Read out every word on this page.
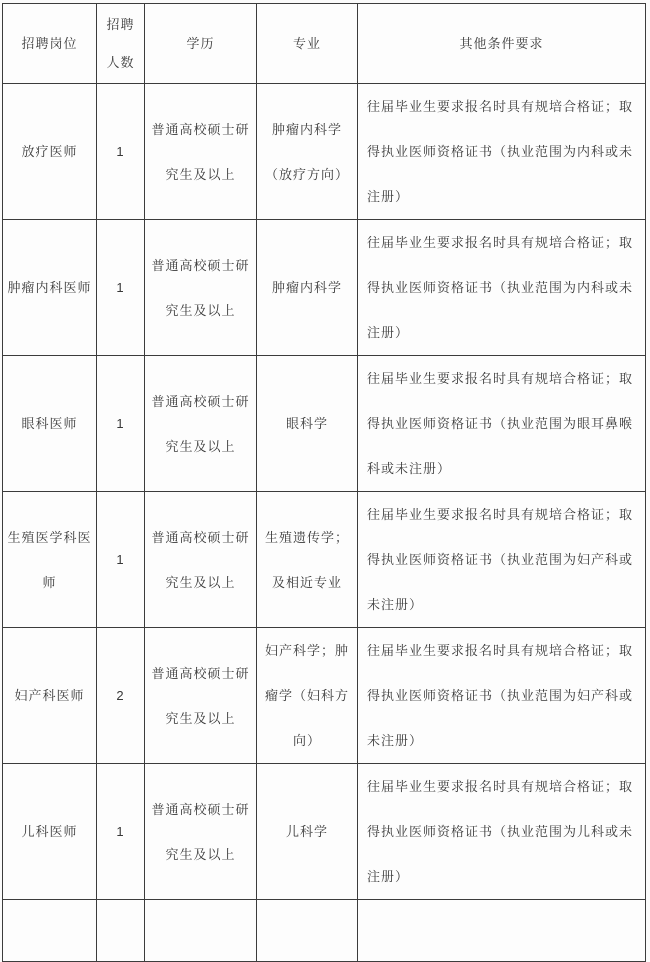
招聘岗位	招聘人数	学历	专业	其他条件要求
放疗医师	1	普通高校硕士研究生及以上	肿瘤内科学（放疗方向）	往届毕业生要求报名时具有规培合格证；取得执业医师资格证书（执业范围为内科或未注册）
肿瘤内科医师	1	普通高校硕士研究生及以上	肿瘤内科学	往届毕业生要求报名时具有规培合格证；取得执业医师资格证书（执业范围为内科或未注册）
眼科医师	1	普通高校硕士研究生及以上	眼科学	往届毕业生要求报名时具有规培合格证；取得执业医师资格证书（执业范围为眼耳鼻喉科或未注册）
生殖医学科医师	1	普通高校硕士研究生及以上	生殖遗传学；及相近专业	往届毕业生要求报名时具有规培合格证；取得执业医师资格证书（执业范围为妇产科或未注册）
妇产科医师	2	普通高校硕士研究生及以上	妇产科学；肿瘤学（妇科方向）	往届毕业生要求报名时具有规培合格证；取得执业医师资格证书（执业范围为妇产科或未注册）
儿科医师	1	普通高校硕士研究生及以上	儿科学	往届毕业生要求报名时具有规培合格证；取得执业医师资格证书（执业范围为儿科或未注册）
